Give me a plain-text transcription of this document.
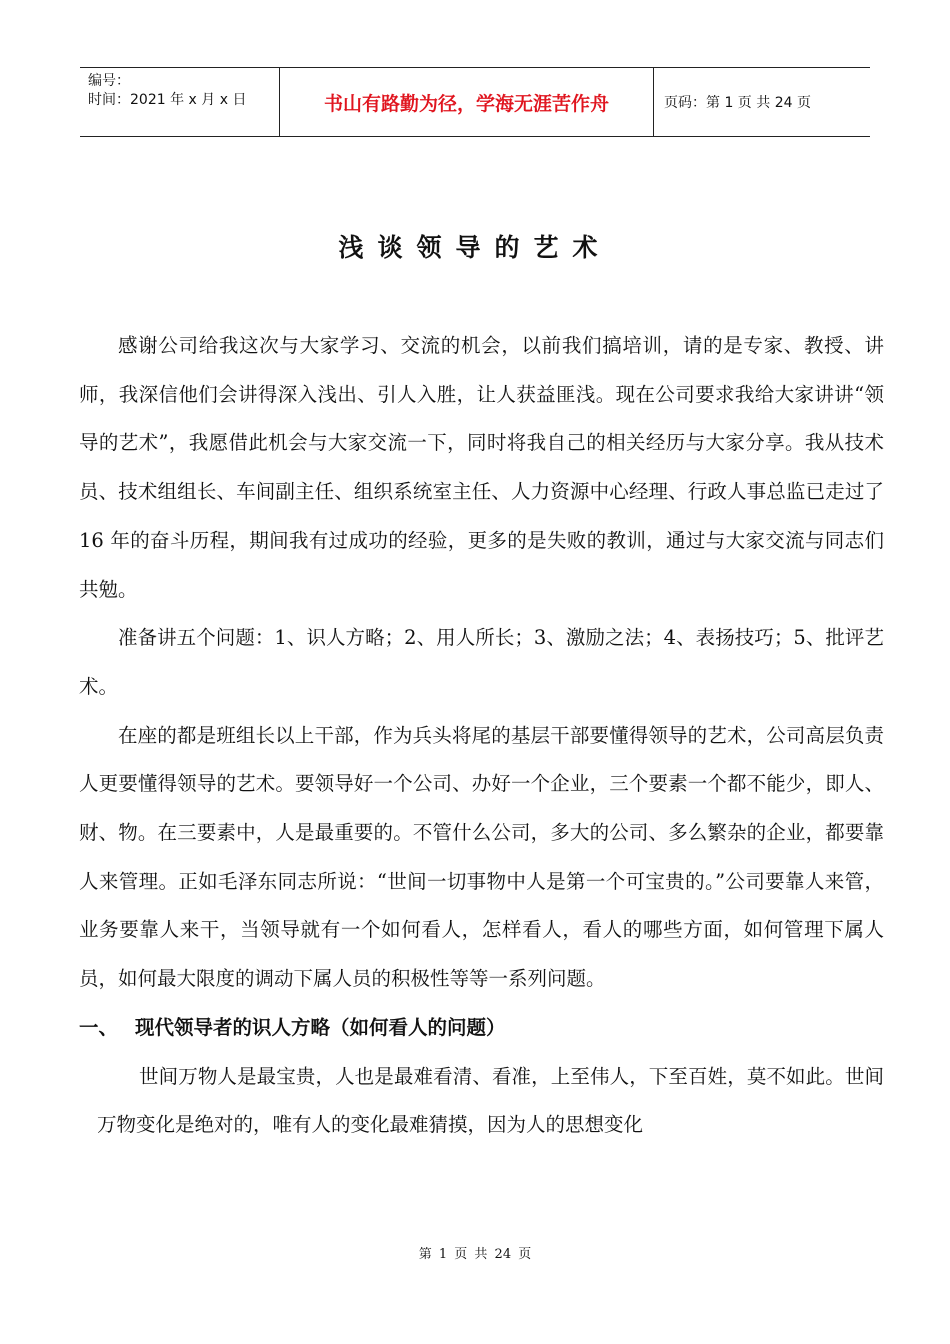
编号：
时间：2021 年 x 月 x 日	书山有路勤为径，学海无涯苦作舟	页码：第 1 页 共 24 页
浅谈领导的艺术

感谢公司给我这次与大家学习、交流的机会，以前我们搞培训，请的是专家、教授、讲师，我深信他们会讲得深入浅出、引人入胜，让人获益匪浅。现在公司要求我给大家讲讲“领导的艺术”，我愿借此机会与大家交流一下，同时将我自己的相关经历与大家分享。我从技术员、技术组组长、车间副主任、组织系统室主任、人力资源中心经理、行政人事总监已走过了 16 年的奋斗历程，期间我有过成功的经验，更多的是失败的教训，通过与大家交流与同志们共勉。

准备讲五个问题：1、识人方略；2、用人所长；3、激励之法；4、表扬技巧；5、批评艺术。

在座的都是班组长以上干部，作为兵头将尾的基层干部要懂得领导的艺术，公司高层负责人更要懂得领导的艺术。要领导好一个公司、办好一个企业，三个要素一个都不能少，即人、财、物。在三要素中，人是最重要的。不管什么公司，多大的公司、多么繁杂的企业，都要靠人来管理。正如毛泽东同志所说：“世间一切事物中人是第一个可宝贵的。”公司要靠人来管，业务要靠人来干，当领导就有一个如何看人，怎样看人，看人的哪些方面，如何管理下属人员，如何最大限度的调动下属人员的积极性等等一系列问题。

一、 现代领导者的识人方略（如何看人的问题）

世间万物人是最宝贵，人也是最难看清、看准，上至伟人，下至百姓，莫不如此。世间万物变化是绝对的，唯有人的变化最难猜摸，因为人的思想变化

第 1 页 共 24 页
